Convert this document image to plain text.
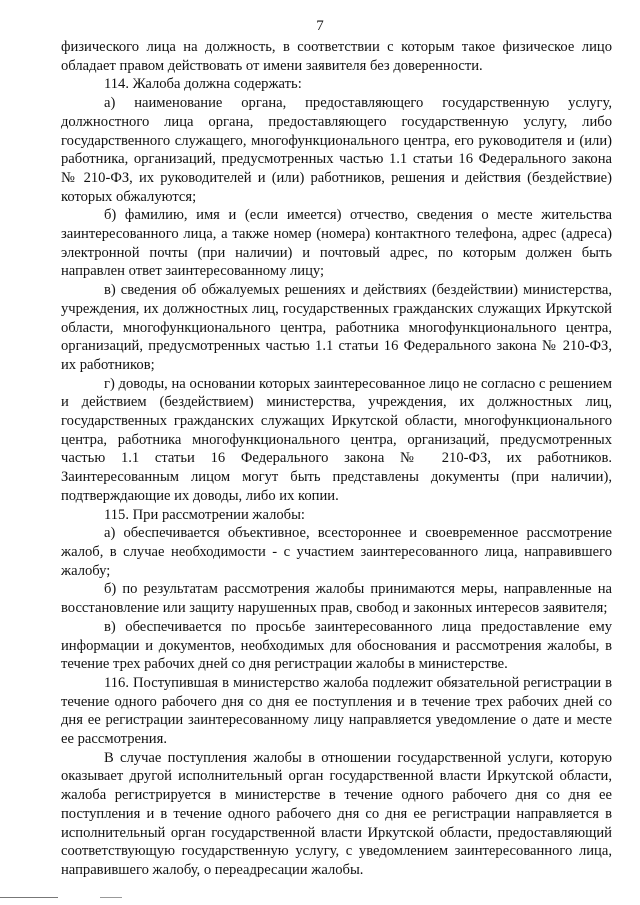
7

физического лица на должность, в соответствии с которым такое физическое лицо обладает правом действовать от имени заявителя без доверенности.

114. Жалоба должна содержать:

а) наименование органа, предоставляющего государственную услугу, должностного лица органа, предоставляющего государственную услугу, либо государственного служащего, многофункционального центра, его руководителя и (или) работника, организаций, предусмотренных частью 1.1 статьи 16 Федерального закона № 210-ФЗ, их руководителей и (или) работников, решения и действия (бездействие) которых обжалуются;

б) фамилию, имя и (если имеется) отчество, сведения о месте жительства заинтересованного лица, а также номер (номера) контактного телефона, адрес (адреса) электронной почты (при наличии) и почтовый адрес, по которым должен быть направлен ответ заинтересованному лицу;

в) сведения об обжалуемых решениях и действиях (бездействии) министерства, учреждения, их должностных лиц, государственных гражданских служащих Иркутской области, многофункционального центра, работника многофункционального центра, организаций, предусмотренных частью 1.1 статьи 16 Федерального закона № 210-ФЗ, их работников;

г) доводы, на основании которых заинтересованное лицо не согласно с решением и действием (бездействием) министерства, учреждения, их должностных лиц, государственных гражданских служащих Иркутской области, многофункционального центра, работника многофункционального центра, организаций, предусмотренных частью 1.1 статьи 16 Федерального закона № 210-ФЗ, их работников. Заинтересованным лицом могут быть представлены документы (при наличии), подтверждающие их доводы, либо их копии.

115. При рассмотрении жалобы:

а) обеспечивается объективное, всестороннее и своевременное рассмотрение жалоб, в случае необходимости - с участием заинтересованного лица, направившего жалобу;

б) по результатам рассмотрения жалобы принимаются меры, направленные на восстановление или защиту нарушенных прав, свобод и законных интересов заявителя;

в) обеспечивается по просьбе заинтересованного лица предоставление ему информации и документов, необходимых для обоснования и рассмотрения жалобы, в течение трех рабочих дней со дня регистрации жалобы в министерстве.

116. Поступившая в министерство жалоба подлежит обязательной регистрации в течение одного рабочего дня со дня ее поступления и в течение трех рабочих дней со дня ее регистрации заинтересованному лицу направляется уведомление о дате и месте ее рассмотрения.

В случае поступления жалобы в отношении государственной услуги, которую оказывает другой исполнительный орган государственной власти Иркутской области, жалоба регистрируется в министерстве в течение одного рабочего дня со дня ее поступления и в течение одного рабочего дня со дня ее регистрации направляется в исполнительный орган государственной власти Иркутской области, предоставляющий соответствующую государственную услугу, с уведомлением заинтересованного лица, направившего жалобу, о переадресации жалобы.
